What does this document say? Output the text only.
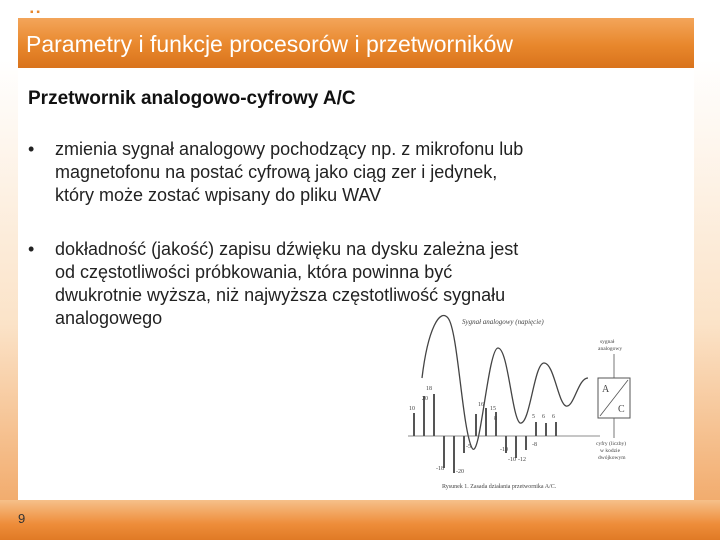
▪ ▪
Parametry i funkcje procesorów i przetworników
Przetwornik analogowo-cyfrowy A/C
• zmienia sygnał analogowy pochodzący np. z mikrofonu lub
magnetofonu na postać cyfrową jako ciąg zer i jedynek,
który może zostać wpisany do pliku WAV
• dokładność (jakość) zapisu dźwięku na dysku zależna jest
od częstotliwości próbkowania, która powinna być
dwukrotnie wyższa, niż najwyższa częstotliwość sygnału
analogowego	Sygnał analogowy (napięcie)
18
20
10
16
15
8	5 6 6
-5	-10
-8
-10 -12
-18 -20
sygnał
analogowy
A
C
cyfry (liczby)
w kodzie
dwójkowym
Rysunek 1. Zasada działania przetwornika A/C.
9
